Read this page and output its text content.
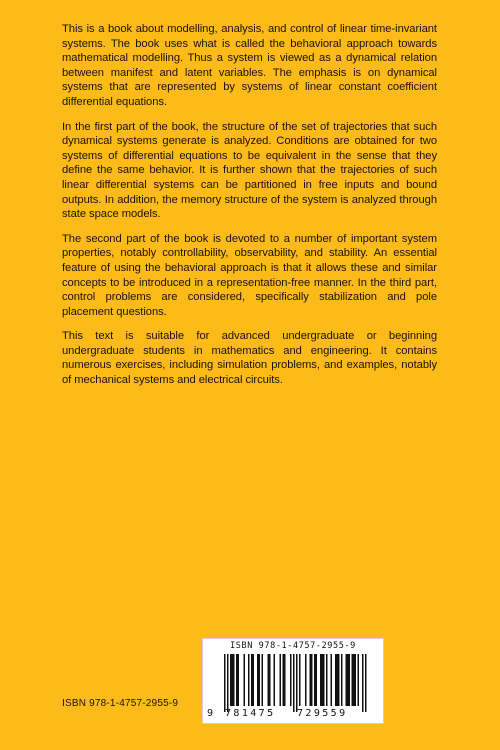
This is a book about modelling, analysis, and control of linear time-invariant systems. The book uses what is called the behavioral approach towards mathematical modelling. Thus a system is viewed as a dynamical relation between manifest and latent variables. The emphasis is on dynamical systems that are represented by systems of linear constant coefficient differential equations.

In the first part of the book, the structure of the set of trajectories that such dynamical systems generate is analyzed. Conditions are obtained for two systems of differential equations to be equivalent in the sense that they define the same behavior. It is further shown that the trajectories of such linear differential systems can be partitioned in free inputs and bound outputs. In addition, the memory structure of the system is analyzed through state space models.

The second part of the book is devoted to a number of important system properties, notably controllability, observability, and stability. An essential feature of using the behavioral approach is that it allows these and similar concepts to be introduced in a representation-free manner. In the third part, control problems are considered, specifically stabilization and pole placement questions.

This text is suitable for advanced undergraduate or beginning undergraduate students in mathematics and engineering. It contains numerous exercises, including simulation problems, and examples, notably of mechanical systems and electrical circuits.

ISBN 978-1-4757-2955-9
ISBN 978-1-4757-2955-9
9 781475 729559
